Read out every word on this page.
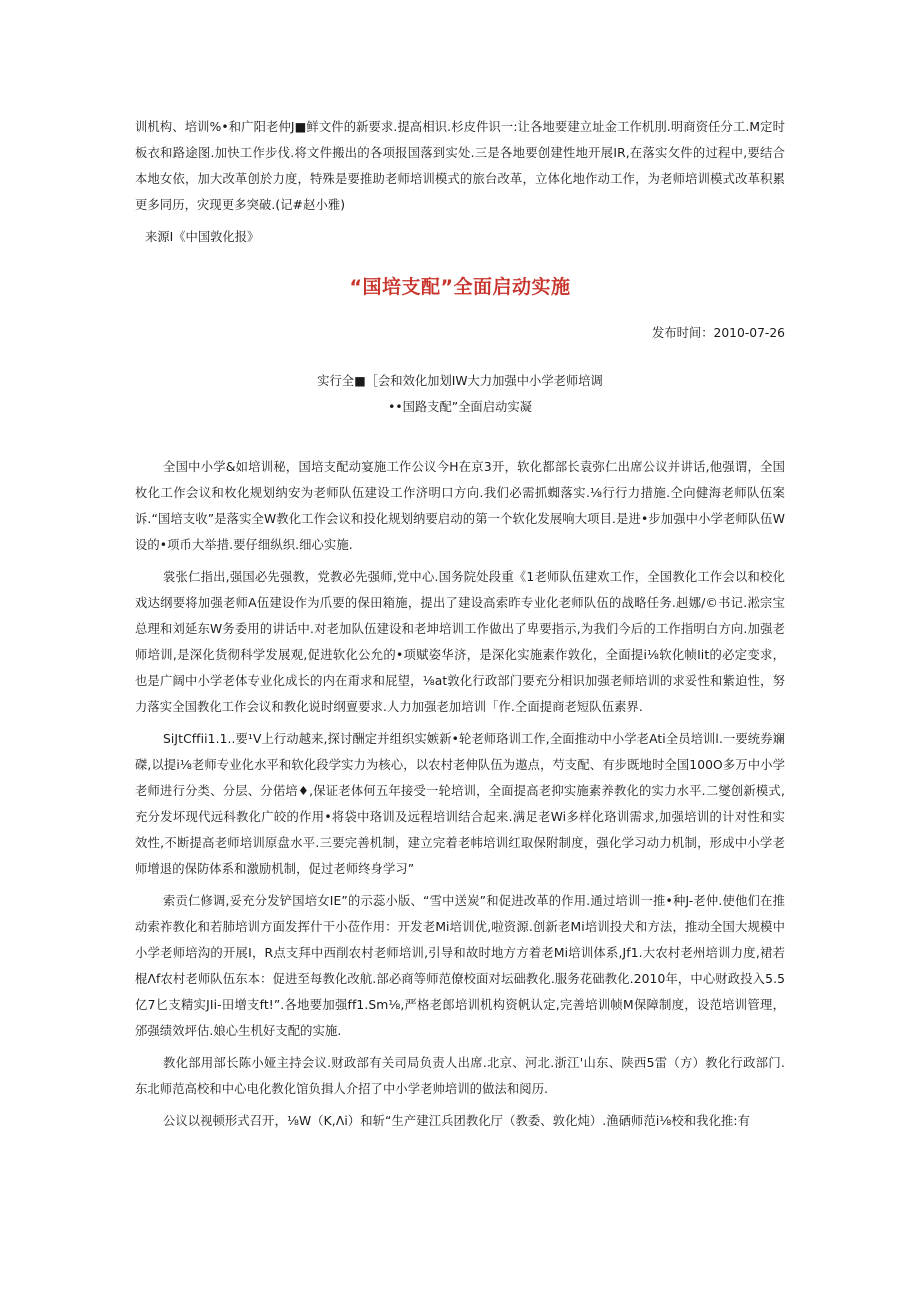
训机构、培训%•和广阳老仲J■鲜文件的新要求.提高相识.杉皮件识一:让各地要建立址金工作机刖.明商资任分工.M定时板衣和路途图.加快工作步伐.将文件搬出的各项报国落到实处.三是各地要创建性地开展IR,在落实攵件的过程中,要结合本地女依，加大改革创於力度，特殊是要推助老师培训模式的旅台改革，立体化地作动工作，为老师培训模式改革积累更多同历，灾现更多突破.(记#赵小雅)

来源I《中国敦化报》

“国培支配”全面启动实施

发布时间：2010-07-26

实行全■［会和效化加划IW大力加强中小学老师培调

••国路支配”全面启动实凝

全国中小学&如培训秘，国培支配动宴施工作公议今H在京3开，软化都部长袁弥仁出席公议并讲话,他强谓，全国枚化工作会议和枚化规划纳安为老师队伍建设工作济明口方向.我们必需抓蜘落实.⅛行行力措施.仝向健海老师队伍案诉.“国培支收”是落实全W教化工作会议和投化规划纳要启动的第一个软化发展响大项目.是进•步加强中小学老师队伍W设的•项币大举措.要仔细纵织.细心实施.

裳张仁指出,强国必先强教，党教必先强师,党中心.国务院处段重《1老师队伍建欢工作，全国教化工作会以和校化戏达纲要将加强老师A伍建设作为爪要的保田箱施，提出了建设高索昨专业化老师队伍的战略任务.赳娜/©书记.淞宗宝总理和刘延东W务委用的讲话中.对老加队伍建设和老坤培训工作做出了卑要指示,为我们今后的工作指明白方向.加强老师培训,是深化货彻科学发展观,促进软化公允的•项赋姿华济，是深化实施素作敦化，全面提i⅛软化帧Iit的必定变求，也是广阔中小学老体专业化成长的内在甭求和屁望，⅛at敦化行政部门要充分相识加强老师培训的求妥性和紫迫性，努力落实全国教化工作会议和教化说时纲亶要求.人力加强老加培训「作.仝面提商老短队伍素界.

SiJtCffii1.1..要¹V上行动越来,探讨酬定并组织实嫉新•轮老师珞训工作,全面推动中小学老Ati全员培训l.一要统券斓磔,以提i⅛老师专业化水平和软化段学实力为核心，以农村老伸队伍为遨点，芍支配、有步既地时全国100O多万中小学老师进行分类、分层、分偌培♦,保证老体何五年接受一轮培训，全面提高老抑实施素养教化的实力水平.二燮创新模式,充分发坏现代远科教化广皎的作用•将袋中珞训及远程培训结合起来.满足老Wi多样化珞训需求,加强培训的计对性和实效性,不断提高老师培训原盘水平.三要完善机制，建立完着老帏培训红取保附制度，强化学习动力机制，形成中小学老师增退的保防体系和激励机制，促过老师终身学习”

索贡仁修调,妥充分发铲国培女IE”的示蕊小版、“雪中送炭”和促进改革的作用.通过培训一推•种J-老仲.使他们在推动索祚教化和若肺培训方面发挥什干小莅作用：开发老Mi培训优,啦资源.创新老Mi培训投犬和方法，推动全国大规模中小学老师培沟的开展I，R点支拜中西削农村老师培训,引导和故时地方方着老Mi培训体系,Jf1.大农村老州培训力度,裙若棍Λf农村老师队伍东本：促进至每教化改航.部必商等师范僚校面对坛础教化.服务花础教化.2010年，中心财政投入5.5亿7匕支精实JIi-田增支ft!”.各地要加强ff1.Sm⅛,严格老郎培训机构资帆认定,完善培训帧M保障制度，设范培训管理，邠强绩效坪估.娘心生机好支配的实施.

教化部用部长陈小娅主持会议.财政部有关司局负责人出席.北京、河北.浙江'山东、陕西5雷（方）教化行政部门.东北师范高校和中心电化教化馆负揖人介招了中小学老帅培训的做法和阅历.

公议以视顿形式召开，⅛W（K,Λi）和斩“生产建江兵团教化厅（教委、敦化炖）.渔硒师范i⅛校和我化推:有
